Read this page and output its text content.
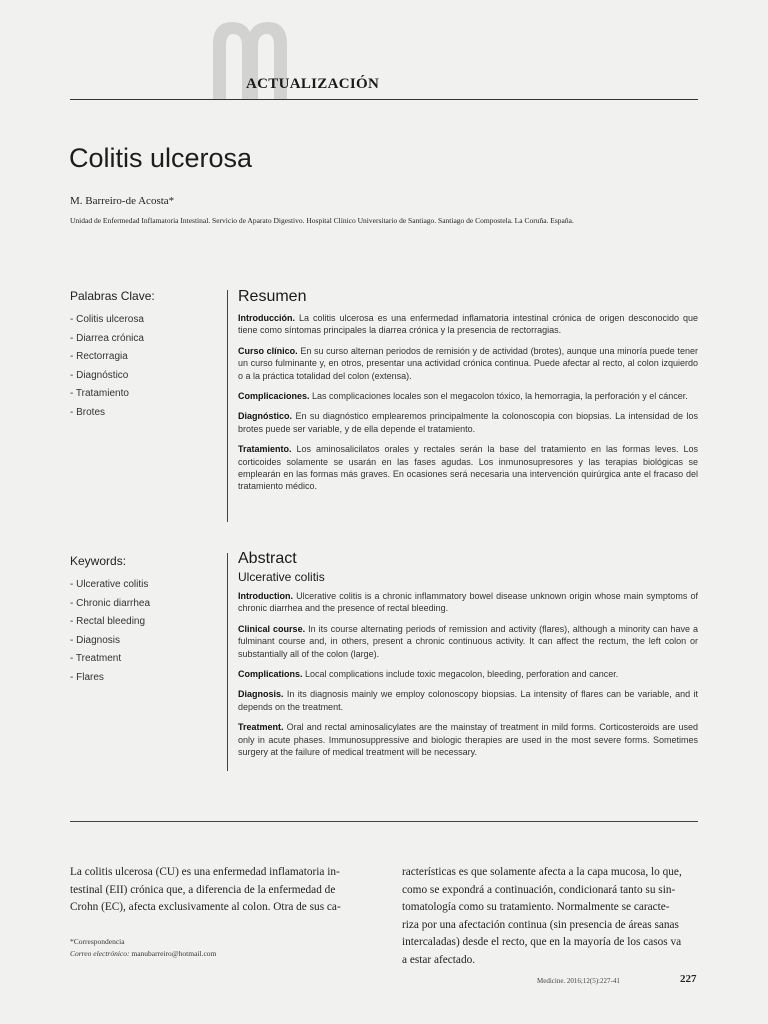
ACTUALIZACIÓN
Colitis ulcerosa
M. Barreiro-de Acosta*
Unidad de Enfermedad Inflamatoria Intestinal. Servicio de Aparato Digestivo. Hospital Clínico Universitario de Santiago. Santiago de Compostela. La Coruña. España.
Palabras Clave:
- Colitis ulcerosa
- Diarrea crónica
- Rectorragia
- Diagnóstico
- Tratamiento
- Brotes
Resumen

Introducción. La colitis ulcerosa es una enfermedad inflamatoria intestinal crónica de origen desconocido que tiene como síntomas principales la diarrea crónica y la presencia de rectorragias.

Curso clínico. En su curso alternan periodos de remisión y de actividad (brotes), aunque una minoría puede tener un curso fulminante y, en otros, presentar una actividad crónica continua. Puede afectar al recto, al colon izquierdo o a la práctica totalidad del colon (extensa).

Complicaciones. Las complicaciones locales son el megacolon tóxico, la hemorragia, la perforación y el cáncer.

Diagnóstico. En su diagnóstico emplearemos principalmente la colonoscopia con biopsias. La intensidad de los brotes puede ser variable, y de ella depende el tratamiento.

Tratamiento. Los aminosalicilatos orales y rectales serán la base del tratamiento en las formas leves. Los corticoides solamente se usarán en las fases agudas. Los inmunosupresores y las terapias biológicas se emplearán en las formas más graves. En ocasiones será necesaria una intervención quirúrgica ante el fracaso del tratamiento médico.

Keywords:
- Ulcerative colitis
- Chronic diarrhea
- Rectal bleeding
- Diagnosis
- Treatment
- Flares
Abstract
Ulcerative colitis

Introduction. Ulcerative colitis is a chronic inflammatory bowel disease unknown origin whose main symptoms of chronic diarrhea and the presence of rectal bleeding.

Clinical course. In its course alternating periods of remission and activity (flares), although a minority can have a fulminant course and, in others, present a chronic continuous activity. It can affect the rectum, the left colon or substantially all of the colon (large).

Complications. Local complications include toxic megacolon, bleeding, perforation and cancer.

Diagnosis. In its diagnosis mainly we employ colonoscopy biopsias. La intensity of flares can be variable, and it depends on the treatment.

Treatment. Oral and rectal aminosalicylates are the mainstay of treatment in mild forms. Corticosteroids are used only in acute phases. Immunosuppressive and biologic therapies are used in the most severe forms. Sometimes surgery at the failure of medical treatment will be necessary.

La colitis ulcerosa (CU) es una enfermedad inflamatoria in-

testinal (EII) crónica que, a diferencia de la enfermedad de

Crohn (EC), afecta exclusivamente al colon. Otra de sus ca-

racterísticas es que solamente afecta a la capa mucosa, lo que,

como se expondrá a continuación, condicionará tanto su sin-

tomatología como su tratamiento. Normalmente se caracte-

riza por una afectación continua (sin presencia de áreas sanas

intercaladas) desde el recto, que en la mayoría de los casos va

a estar afectado.

*Correspondencia
Correo electrónico: manubarreiro@hotmail.com
Medicine. 2016;12(5):227-41	227
